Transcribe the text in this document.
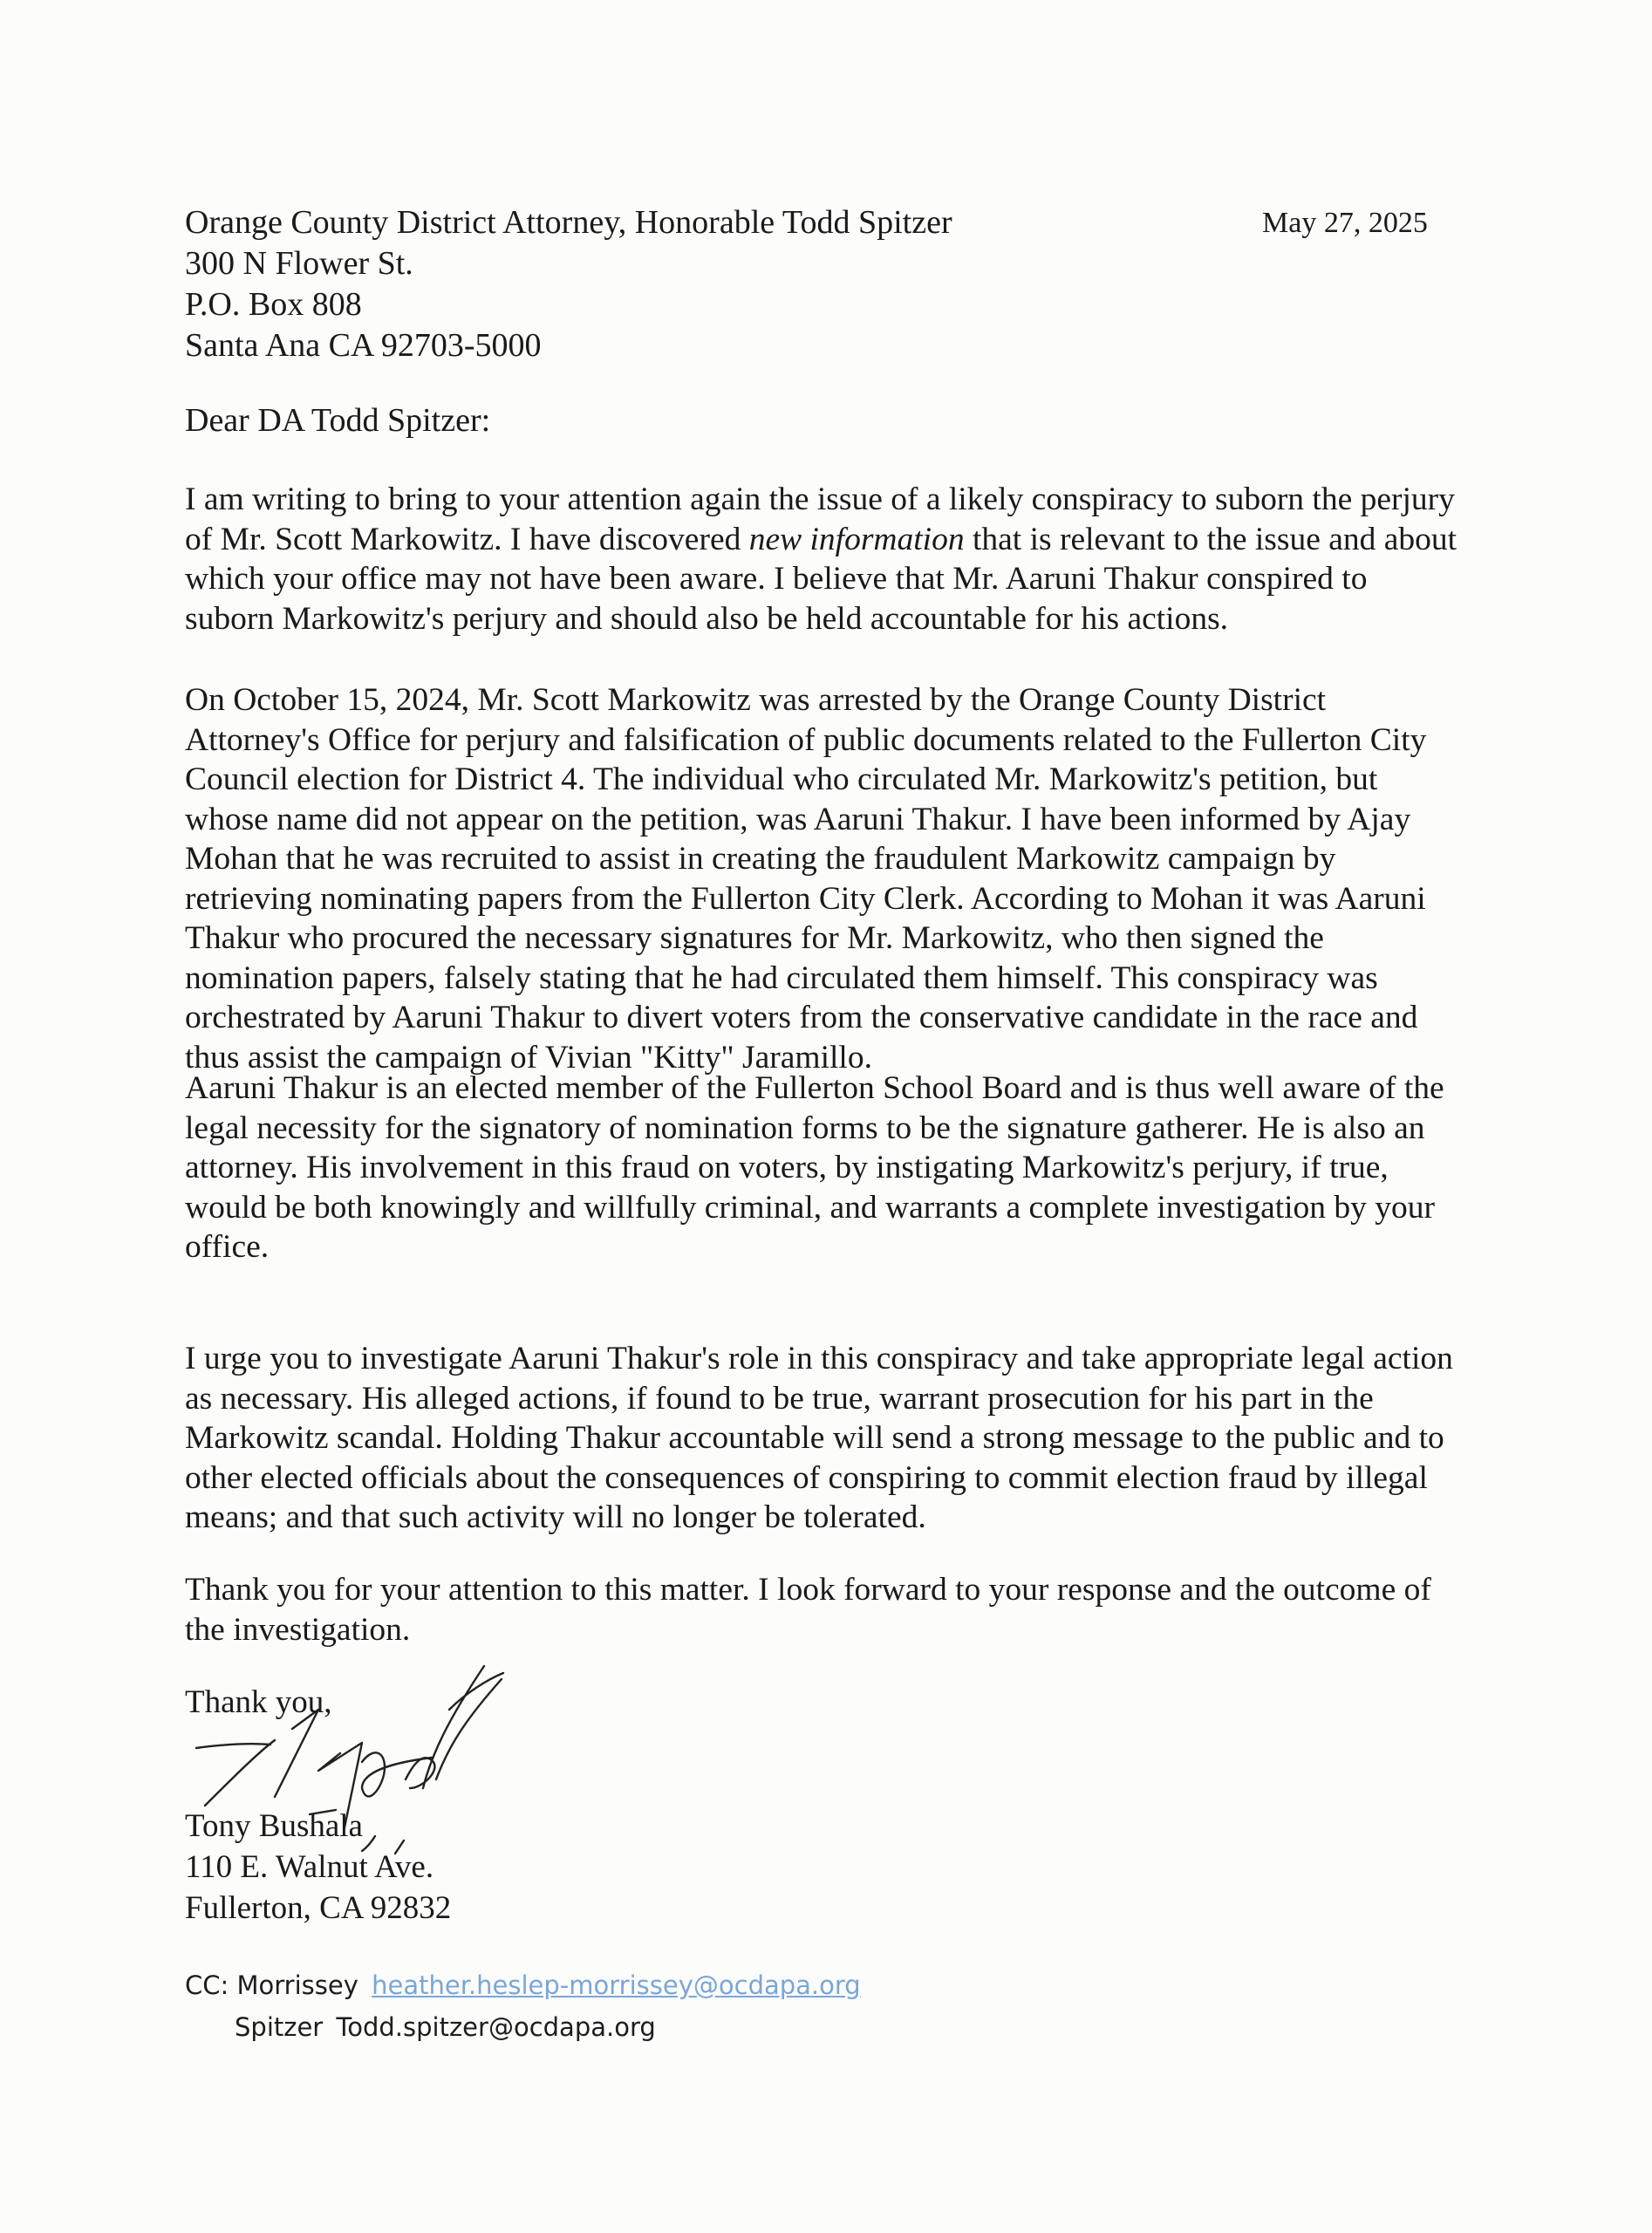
Orange County District Attorney, Honorable Todd Spitzer
300 N Flower St.
P.O. Box 808
Santa Ana CA 92703-5000
May 27, 2025
Dear DA Todd Spitzer:
I am writing to bring to your attention again the issue of a likely conspiracy to suborn the perjury
of Mr. Scott Markowitz. I have discovered new information that is relevant to the issue and about
which your office may not have been aware. I believe that Mr. Aaruni Thakur conspired to
suborn Markowitz's perjury and should also be held accountable for his actions.
On October 15, 2024, Mr. Scott Markowitz was arrested by the Orange County District
Attorney's Office for perjury and falsification of public documents related to the Fullerton City
Council election for District 4. The individual who circulated Mr. Markowitz's petition, but
whose name did not appear on the petition, was Aaruni Thakur. I have been informed by Ajay
Mohan that he was recruited to assist in creating the fraudulent Markowitz campaign by
retrieving nominating papers from the Fullerton City Clerk. According to Mohan it was Aaruni
Thakur who procured the necessary signatures for Mr. Markowitz, who then signed the
nomination papers, falsely stating that he had circulated them himself. This conspiracy was
orchestrated by Aaruni Thakur to divert voters from the conservative candidate in the race and
thus assist the campaign of Vivian "Kitty" Jaramillo.
Aaruni Thakur is an elected member of the Fullerton School Board and is thus well aware of the
legal necessity for the signatory of nomination forms to be the signature gatherer. He is also an
attorney. His involvement in this fraud on voters, by instigating Markowitz's perjury, if true,
would be both knowingly and willfully criminal, and warrants a complete investigation by your
office.
I urge you to investigate Aaruni Thakur's role in this conspiracy and take appropriate legal action
as necessary. His alleged actions, if found to be true, warrant prosecution for his part in the
Markowitz scandal. Holding Thakur accountable will send a strong message to the public and to
other elected officials about the consequences of conspiring to commit election fraud by illegal
means; and that such activity will no longer be tolerated.
Thank you for your attention to this matter. I look forward to your response and the outcome of
the investigation.
Thank you,
Tony Bushala
110 E. Walnut Ave.
Fullerton, CA 92832
CC: Morrissey heather.heslep-morrissey@ocdapa.org
Spitzer Todd.spitzer@ocdapa.org
